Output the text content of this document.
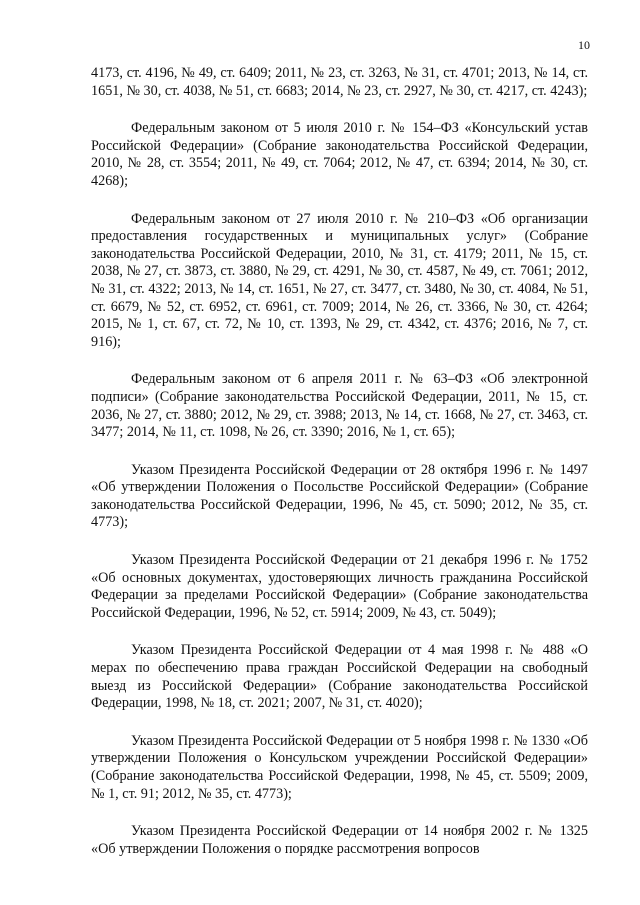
10

4173, ст. 4196, № 49, ст. 6409; 2011, № 23, ст. 3263, № 31, ст. 4701; 2013, № 14, ст. 1651, № 30, ст. 4038, № 51, ст. 6683; 2014, № 23, ст. 2927, № 30, ст. 4217, ст. 4243);

Федеральным законом от 5 июля 2010 г. № 154–ФЗ «Консульский устав Российской Федерации» (Собрание законодательства Российской Федерации, 2010, № 28, ст. 3554; 2011, № 49, ст. 7064; 2012, № 47, ст. 6394; 2014, № 30, ст. 4268);

Федеральным законом от 27 июля 2010 г. № 210–ФЗ «Об организации предоставления государственных и муниципальных услуг» (Собрание законодательства Российской Федерации, 2010, № 31, ст. 4179; 2011, № 15, ст. 2038, № 27, ст. 3873, ст. 3880, № 29, ст. 4291, № 30, ст. 4587, № 49, ст. 7061; 2012, № 31, ст. 4322; 2013, № 14, ст. 1651, № 27, ст. 3477, ст. 3480, № 30, ст. 4084, № 51, ст. 6679, № 52, ст. 6952, ст. 6961, ст. 7009; 2014, № 26, ст. 3366, № 30, ст. 4264; 2015, № 1, ст. 67, ст. 72, № 10, ст. 1393, № 29, ст. 4342, ст. 4376; 2016, № 7, ст. 916);

Федеральным законом от 6 апреля 2011 г. № 63–ФЗ «Об электронной подписи» (Собрание законодательства Российской Федерации, 2011, № 15, ст. 2036, № 27, ст. 3880; 2012, № 29, ст. 3988; 2013, № 14, ст. 1668, № 27, ст. 3463, ст. 3477; 2014, № 11, ст. 1098, № 26, ст. 3390; 2016, № 1, ст. 65);

Указом Президента Российской Федерации от 28 октября 1996 г. № 1497 «Об утверждении Положения о Посольстве Российской Федерации» (Собрание законодательства Российской Федерации, 1996, № 45, ст. 5090; 2012, № 35, ст. 4773);

Указом Президента Российской Федерации от 21 декабря 1996 г. № 1752 «Об основных документах, удостоверяющих личность гражданина Российской Федерации за пределами Российской Федерации» (Собрание законодательства Российской Федерации, 1996, № 52, ст. 5914; 2009, № 43, ст. 5049);

Указом Президента Российской Федерации от 4 мая 1998 г. № 488 «О мерах по обеспечению права граждан Российской Федерации на свободный выезд из Российской Федерации» (Собрание законодательства Российской Федерации, 1998, № 18, ст. 2021; 2007, № 31, ст. 4020);

Указом Президента Российской Федерации от 5 ноября 1998 г. № 1330 «Об утверждении Положения о Консульском учреждении Российской Федерации» (Собрание законодательства Российской Федерации, 1998, № 45, ст. 5509; 2009, № 1, ст. 91; 2012, № 35, ст. 4773);

Указом Президента Российской Федерации от 14 ноября 2002 г. № 1325 «Об утверждении Положения о порядке рассмотрения вопросов
